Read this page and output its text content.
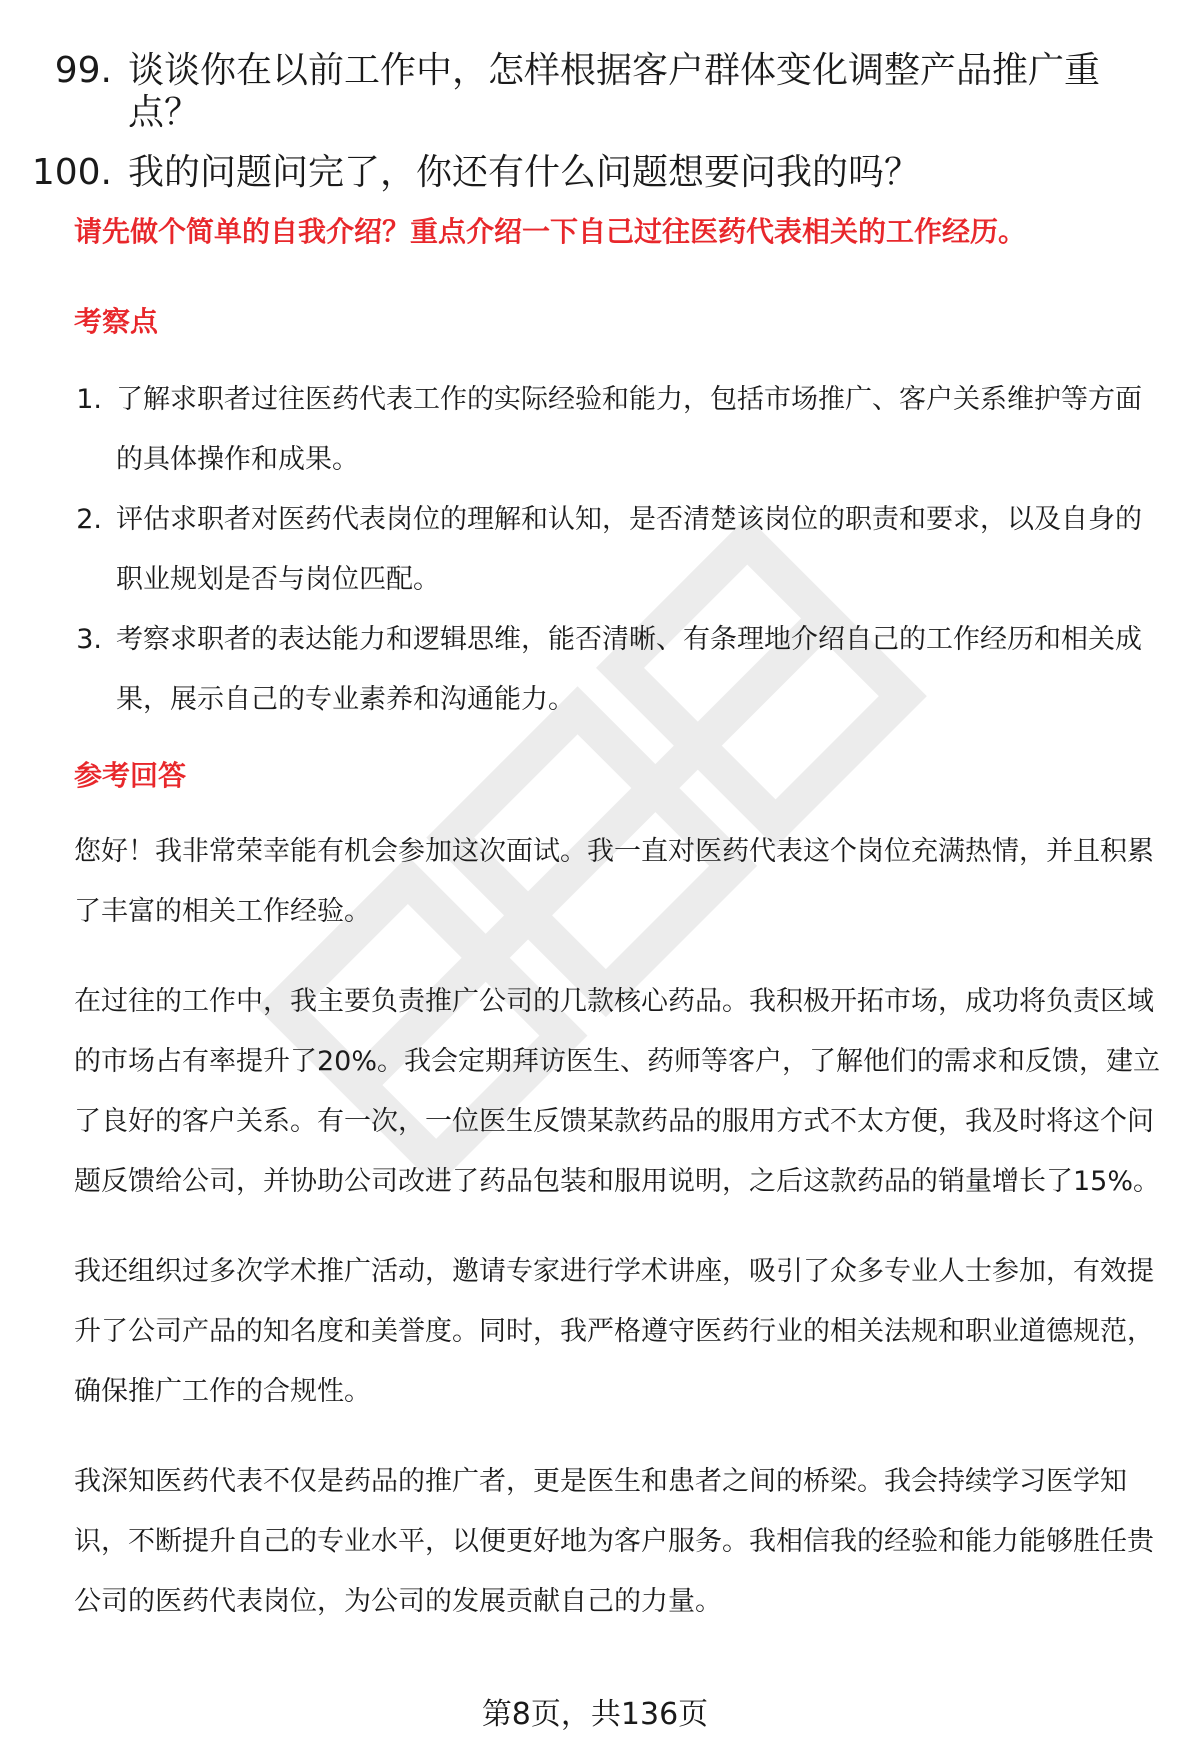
99. 谈谈你在以前工作中，怎样根据客户群体变化调整产品推广重点？
100. 我的问题问完了，你还有什么问题想要问我的吗？

请先做个简单的自我介绍？重点介绍一下自己过往医药代表相关的工作经历。

考察点

1. 了解求职者过往医药代表工作的实际经验和能力，包括市场推广、客户关系维护等方面的具体操作和成果。
2. 评估求职者对医药代表岗位的理解和认知，是否清楚该岗位的职责和要求，以及自身的职业规划是否与岗位匹配。
3. 考察求职者的表达能力和逻辑思维，能否清晰、有条理地介绍自己的工作经历和相关成果，展示自己的专业素养和沟通能力。

参考回答

您好！我非常荣幸能有机会参加这次面试。我一直对医药代表这个岗位充满热情，并且积累了丰富的相关工作经验。

在过往的工作中，我主要负责推广公司的几款核心药品。我积极开拓市场，成功将负责区域的市场占有率提升了20%。我会定期拜访医生、药师等客户，了解他们的需求和反馈，建立了良好的客户关系。有一次，一位医生反馈某款药品的服用方式不太方便，我及时将这个问题反馈给公司，并协助公司改进了药品包装和服用说明，之后这款药品的销量增长了15%。

我还组织过多次学术推广活动，邀请专家进行学术讲座，吸引了众多专业人士参加，有效提升了公司产品的知名度和美誉度。同时，我严格遵守医药行业的相关法规和职业道德规范，确保推广工作的合规性。

我深知医药代表不仅是药品的推广者，更是医生和患者之间的桥梁。我会持续学习医学知识，不断提升自己的专业水平，以便更好地为客户服务。我相信我的经验和能力能够胜任贵公司的医药代表岗位，为公司的发展贡献自己的力量。

第8页，共136页
